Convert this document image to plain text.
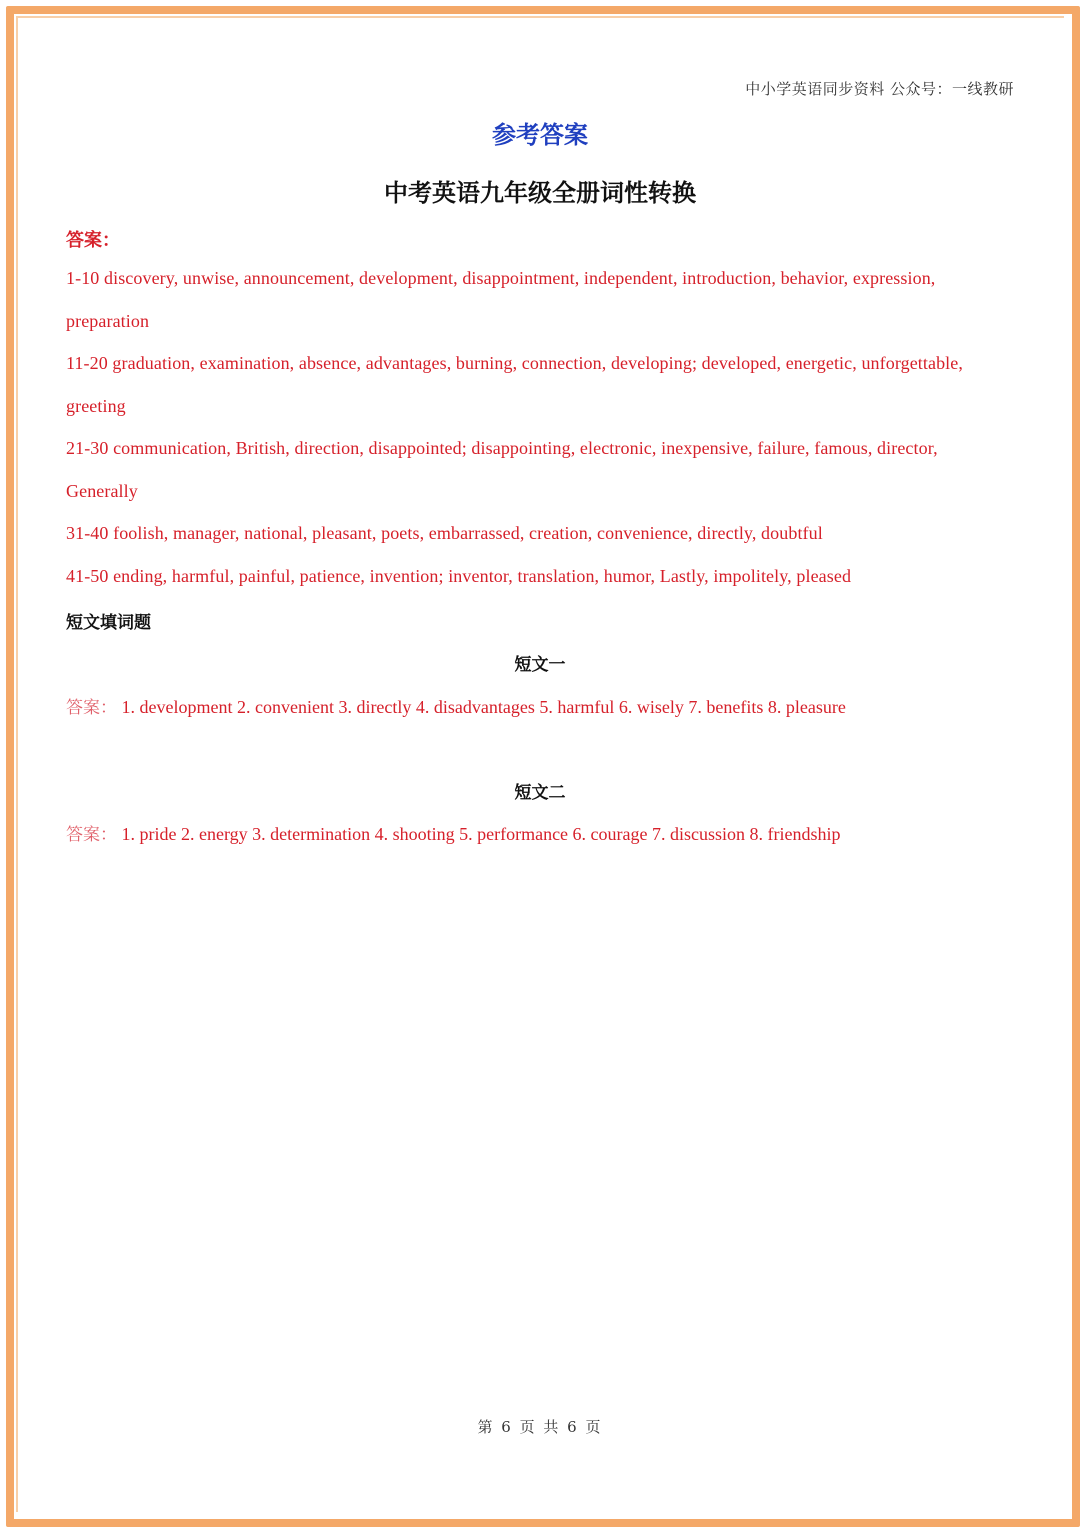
中小学英语同步资料 公众号：一线教研
参考答案
中考英语九年级全册词性转换
答案：
1-10 discovery, unwise, announcement, development, disappointment, independent, introduction, behavior, expression,
preparation
11-20 graduation, examination, absence, advantages, burning, connection, developing; developed, energetic, unforgettable,
greeting
21-30 communication, British, direction, disappointed; disappointing, electronic, inexpensive, failure, famous, director,
Generally
31-40 foolish, manager, national, pleasant, poets, embarrassed, creation, convenience, directly, doubtful
41-50 ending, harmful, painful, patience, invention; inventor, translation, humor, Lastly, impolitely, pleased
短文填词题
短文一
答案： 1. development 2. convenient 3. directly 4. disadvantages 5. harmful 6. wisely 7. benefits 8. pleasure
短文二
答案： 1. pride 2. energy 3. determination 4. shooting 5. performance 6. courage 7. discussion 8. friendship
第 6 页 共 6 页
